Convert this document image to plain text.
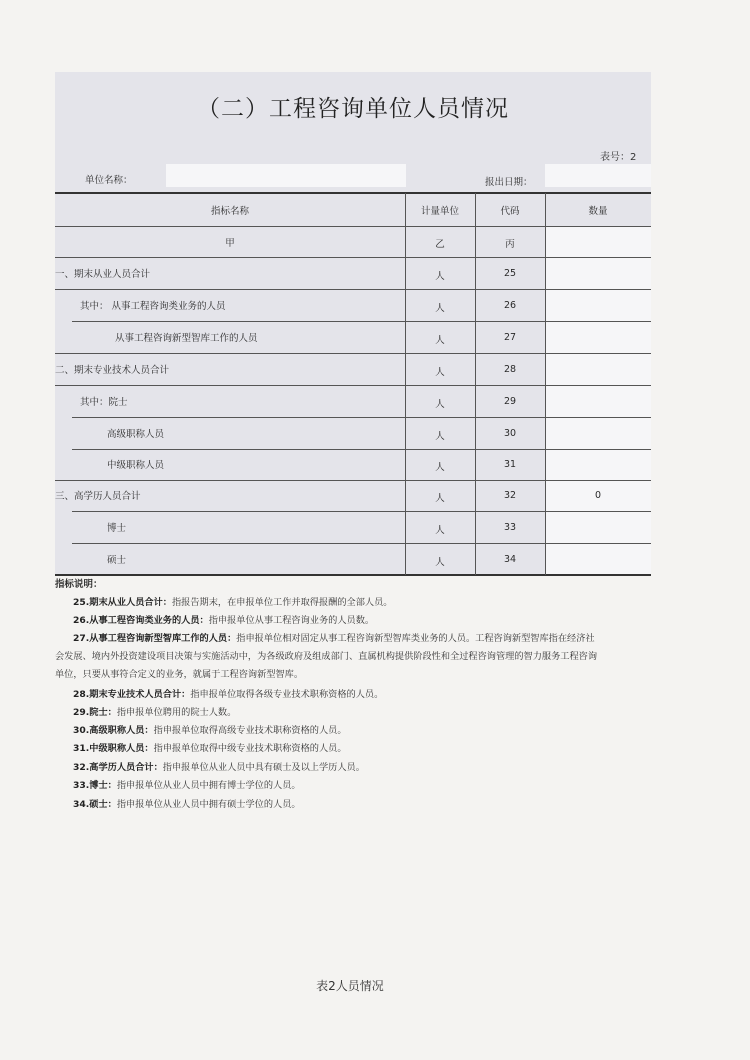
（二）工程咨询单位人员情况
表号：2
单位名称：	报出日期：
指标名称	计量单位	代码	数量
甲	乙	丙
一、期末从业人员合计	人	25
其中： 从事工程咨询类业务的人员	人	26
从事工程咨询新型智库工作的人员	人	27
二、期末专业技术人员合计	人	28
其中：院士	人	29
高级职称人员	人	30
中级职称人员	人	31
三、高学历人员合计	人	32	0
博士	人	33
硕士	人	34
指标说明：

25.期末从业人员合计：指报告期末，在申报单位工作并取得报酬的全部人员。

26.从事工程咨询类业务的人员：指申报单位从事工程咨询业务的人员数。

27.从事工程咨询新型智库工作的人员：指申报单位相对固定从事工程咨询新型智库类业务的人员。工程咨询新型智库指在经济社

会发展、境内外投资建设项目决策与实施活动中，为各级政府及组成部门、直属机构提供阶段性和全过程咨询管理的智力服务工程咨询

单位，只要从事符合定义的业务，就属于工程咨询新型智库。

28.期末专业技术人员合计：指申报单位取得各级专业技术职称资格的人员。

29.院士：指申报单位聘用的院士人数。

30.高级职称人员：指申报单位取得高级专业技术职称资格的人员。

31.中级职称人员：指申报单位取得中级专业技术职称资格的人员。

32.高学历人员合计：指申报单位从业人员中具有硕士及以上学历人员。

33.博士：指申报单位从业人员中拥有博士学位的人员。

34.硕士：指申报单位从业人员中拥有硕士学位的人员。

表2人员情况
